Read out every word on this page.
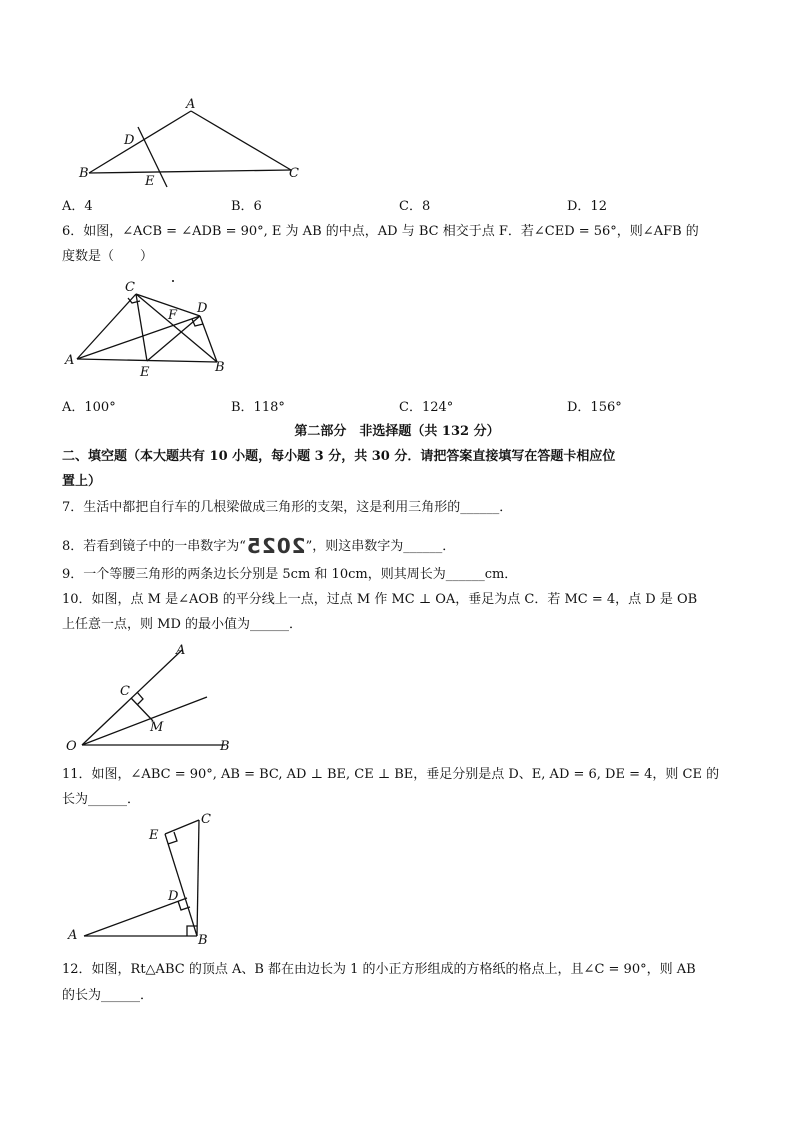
A
D
B
E
C
A．4	B．6	C．8	D．12
6．如图，∠ACB = ∠ADB = 90°, E 为 AB 的中点，AD 与 BC 相交于点 F．若∠CED = 56°，则∠AFB 的
度数是（　　）
C
F D
A
E	B
A．100°	B．118°	C．124°	D．156°
第二部分　非选择题（共 132 分）
二、填空题（本大题共有 10 小题，每小题 3 分，共 30 分．请把答案直接填写在答题卡相应位
置上）
7．生活中都把自行车的几根梁做成三角形的支架，这是利用三角形的______．
8．若看到镜子中的一串数字为“2025”，则这串数字为______．
9．一个等腰三角形的两条边长分别是 5cm 和 10cm，则其周长为______cm．
10．如图，点 M 是∠AOB 的平分线上一点，过点 M 作 MC ⊥ OA，垂足为点 C．若 MC = 4，点 D 是 OB
上任意一点，则 MD 的最小值为______．
A
C
M
O	B
11．如图，∠ABC = 90°, AB = BC, AD ⊥ BE, CE ⊥ BE，垂足分别是点 D、E, AD = 6, DE = 4，则 CE 的
长为______．
E
C
D
A	B
12．如图，Rt△ABC 的顶点 A、B 都在由边长为 1 的小正方形组成的方格纸的格点上，且∠C = 90°，则 AB
的长为______．
